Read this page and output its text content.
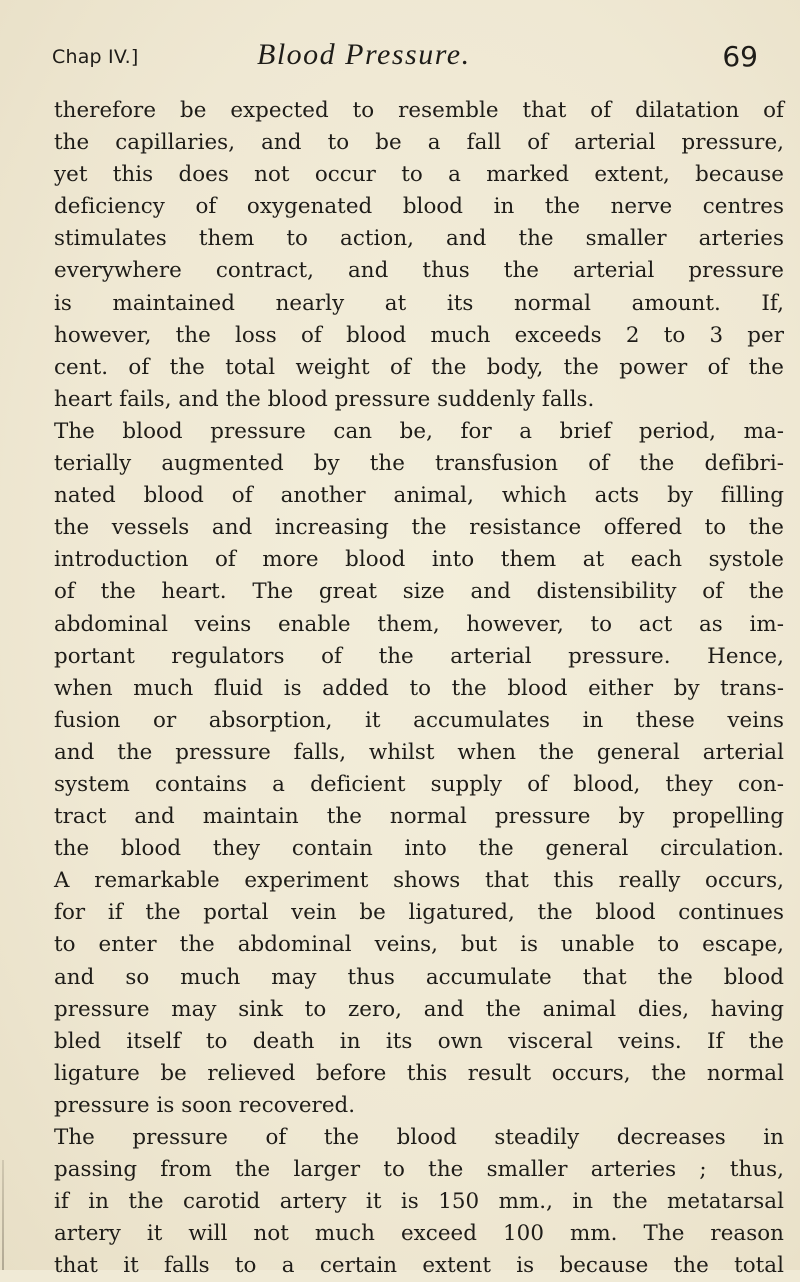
Chap IV.]	Blood Pressure.	69
therefore be expected to resemble that of dilatation of
the capillaries, and to be a fall of arterial pressure,
yet this does not occur to a marked extent, because
deficiency of oxygenated blood in the nerve centres
stimulates them to action, and the smaller arteries
everywhere contract, and thus the arterial pressure
is maintained nearly at its normal amount. If,
however, the loss of blood much exceeds 2 to 3 per
cent. of the total weight of the body, the power of the
heart fails, and the blood pressure suddenly falls.
The blood pressure can be, for a brief period, ma-
terially augmented by the transfusion of the defibri-
nated blood of another animal, which acts by filling
the vessels and increasing the resistance offered to the
introduction of more blood into them at each systole
of the heart. The great size and distensibility of the
abdominal veins enable them, however, to act as im-
portant regulators of the arterial pressure. Hence,
when much fluid is added to the blood either by trans-
fusion or absorption, it accumulates in these veins
and the pressure falls, whilst when the general arterial
system contains a deficient supply of blood, they con-
tract and maintain the normal pressure by propelling
the blood they contain into the general circulation.
A remarkable experiment shows that this really occurs,
for if the portal vein be ligatured, the blood continues
to enter the abdominal veins, but is unable to escape,
and so much may thus accumulate that the blood
pressure may sink to zero, and the animal dies, having
bled itself to death in its own visceral veins. If the
ligature be relieved before this result occurs, the normal
pressure is soon recovered.
The pressure of the blood steadily decreases in
passing from the larger to the smaller arteries ; thus,
if in the carotid artery it is 150 mm., in the metatarsal
artery it will not much exceed 100 mm. The reason
that it falls to a certain extent is because the total
